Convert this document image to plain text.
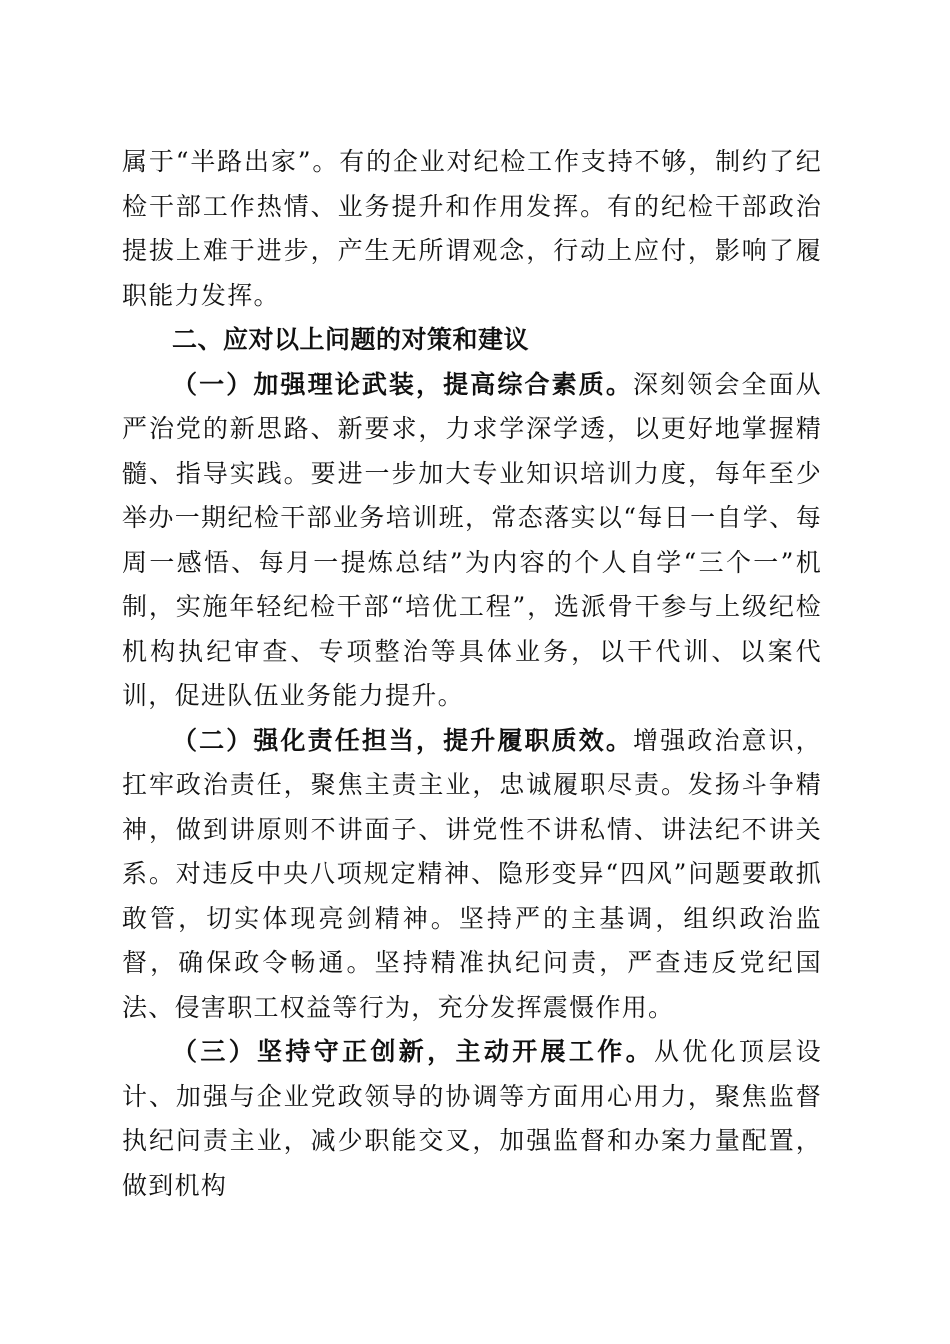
属于“半路出家”。有的企业对纪检工作支持不够，制约了纪检干部工作热情、业务提升和作用发挥。有的纪检干部政治提拔上难于进步，产生无所谓观念，行动上应付，影响了履职能力发挥。

二、应对以上问题的对策和建议

（一）加强理论武装，提高综合素质。深刻领会全面从严治党的新思路、新要求，力求学深学透，以更好地掌握精髓、指导实践。要进一步加大专业知识培训力度，每年至少举办一期纪检干部业务培训班，常态落实以“每日一自学、每周一感悟、每月一提炼总结”为内容的个人自学“三个一”机制，实施年轻纪检干部“培优工程”，选派骨干参与上级纪检机构执纪审查、专项整治等具体业务，以干代训、以案代训，促进队伍业务能力提升。

（二）强化责任担当，提升履职质效。增强政治意识，扛牢政治责任，聚焦主责主业，忠诚履职尽责。发扬斗争精神，做到讲原则不讲面子、讲党性不讲私情、讲法纪不讲关系。对违反中央八项规定精神、隐形变异“四风”问题要敢抓敢管，切实体现亮剑精神。坚持严的主基调，组织政治监督，确保政令畅通。坚持精准执纪问责，严查违反党纪国法、侵害职工权益等行为，充分发挥震慑作用。

（三）坚持守正创新，主动开展工作。从优化顶层设计、加强与企业党政领导的协调等方面用心用力，聚焦监督执纪问责主业，减少职能交叉，加强监督和办案力量配置，做到机构
